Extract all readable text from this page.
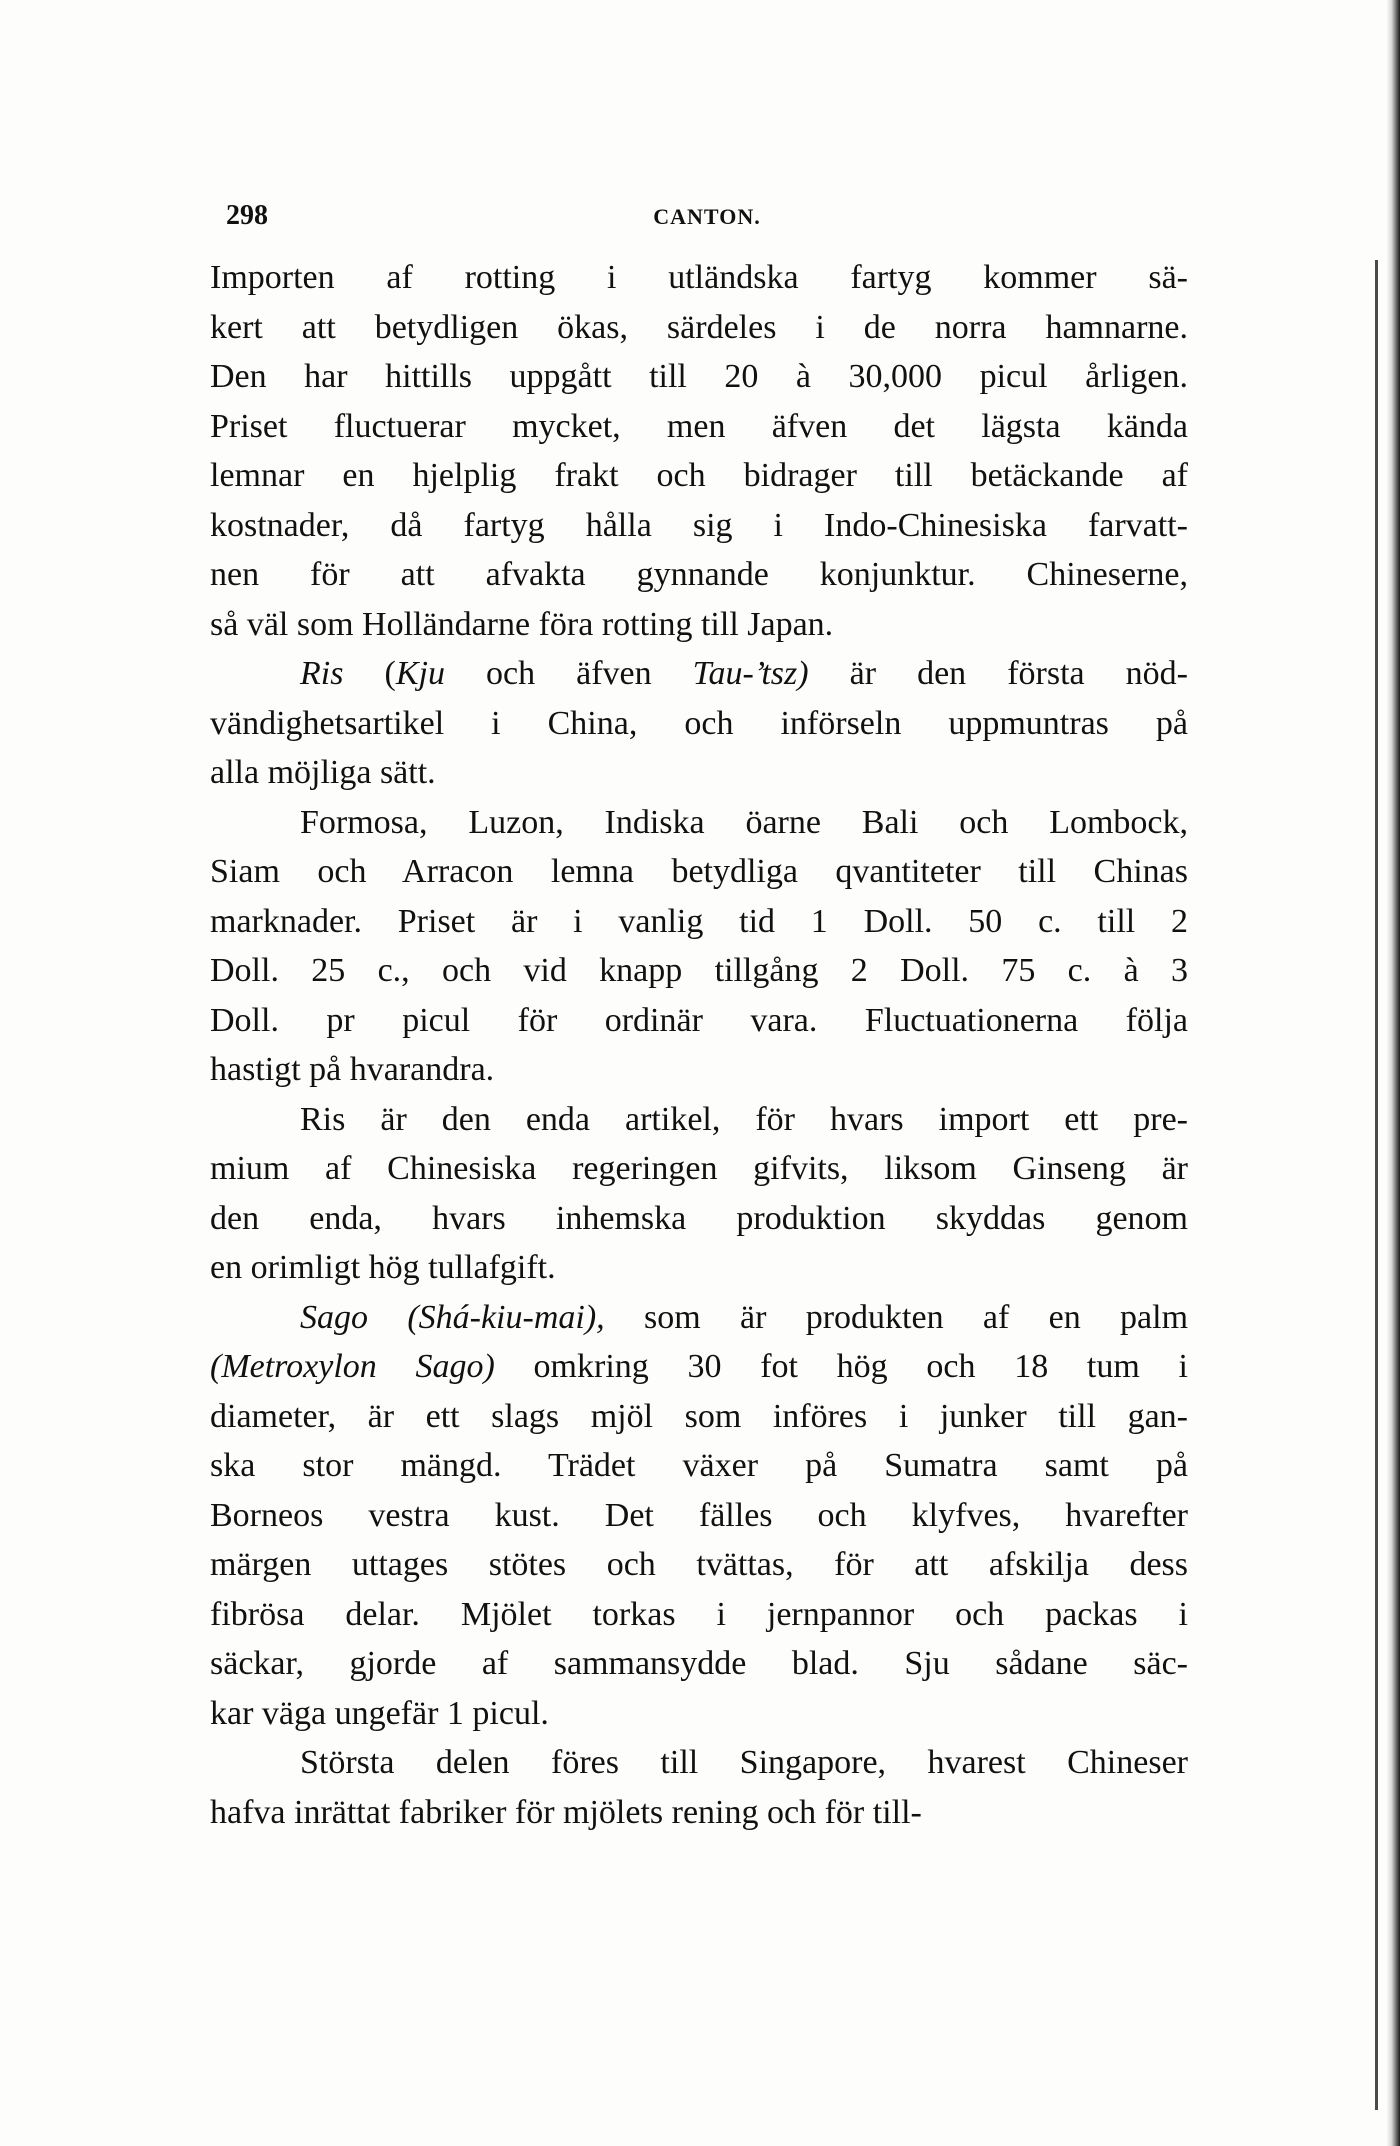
298	CANTON.
Importen af rotting i utländska fartyg kommer sä-
kert att betydligen ökas, särdeles i de norra hamnarne.
Den har hittills uppgått till 20 à 30,000 picul årligen.
Priset fluctuerar mycket, men äfven det lägsta kända
lemnar en hjelplig frakt och bidrager till betäckande af
kostnader, då fartyg hålla sig i Indo-Chinesiska farvatt-
nen för att afvakta gynnande konjunktur. Chineserne,
så väl som Holländarne föra rotting till Japan.
Ris (Kju och äfven Tau-’tsz) är den första nöd-
vändighetsartikel i China, och införseln uppmuntras på
alla möjliga sätt.
Formosa, Luzon, Indiska öarne Bali och Lombock,
Siam och Arracon lemna betydliga qvantiteter till Chinas
marknader. Priset är i vanlig tid 1 Doll. 50 c. till 2
Doll. 25 c., och vid knapp tillgång 2 Doll. 75 c. à 3
Doll. pr picul för ordinär vara. Fluctuationerna följa
hastigt på hvarandra.
Ris är den enda artikel, för hvars import ett pre-
mium af Chinesiska regeringen gifvits, liksom Ginseng är
den enda, hvars inhemska produktion skyddas genom
en orimligt hög tullafgift.
Sago (Shá-kiu-mai), som är produkten af en palm
(Metroxylon Sago) omkring 30 fot hög och 18 tum i
diameter, är ett slags mjöl som införes i junker till gan-
ska stor mängd. Trädet växer på Sumatra samt på
Borneos vestra kust. Det fälles och klyfves, hvarefter
märgen uttages stötes och tvättas, för att afskilja dess
fibrösa delar. Mjölet torkas i jernpannor och packas i
säckar, gjorde af sammansydde blad. Sju sådane säc-
kar väga ungefär 1 picul.
Största delen föres till Singapore, hvarest Chineser
hafva inrättat fabriker för mjölets rening och för till-
